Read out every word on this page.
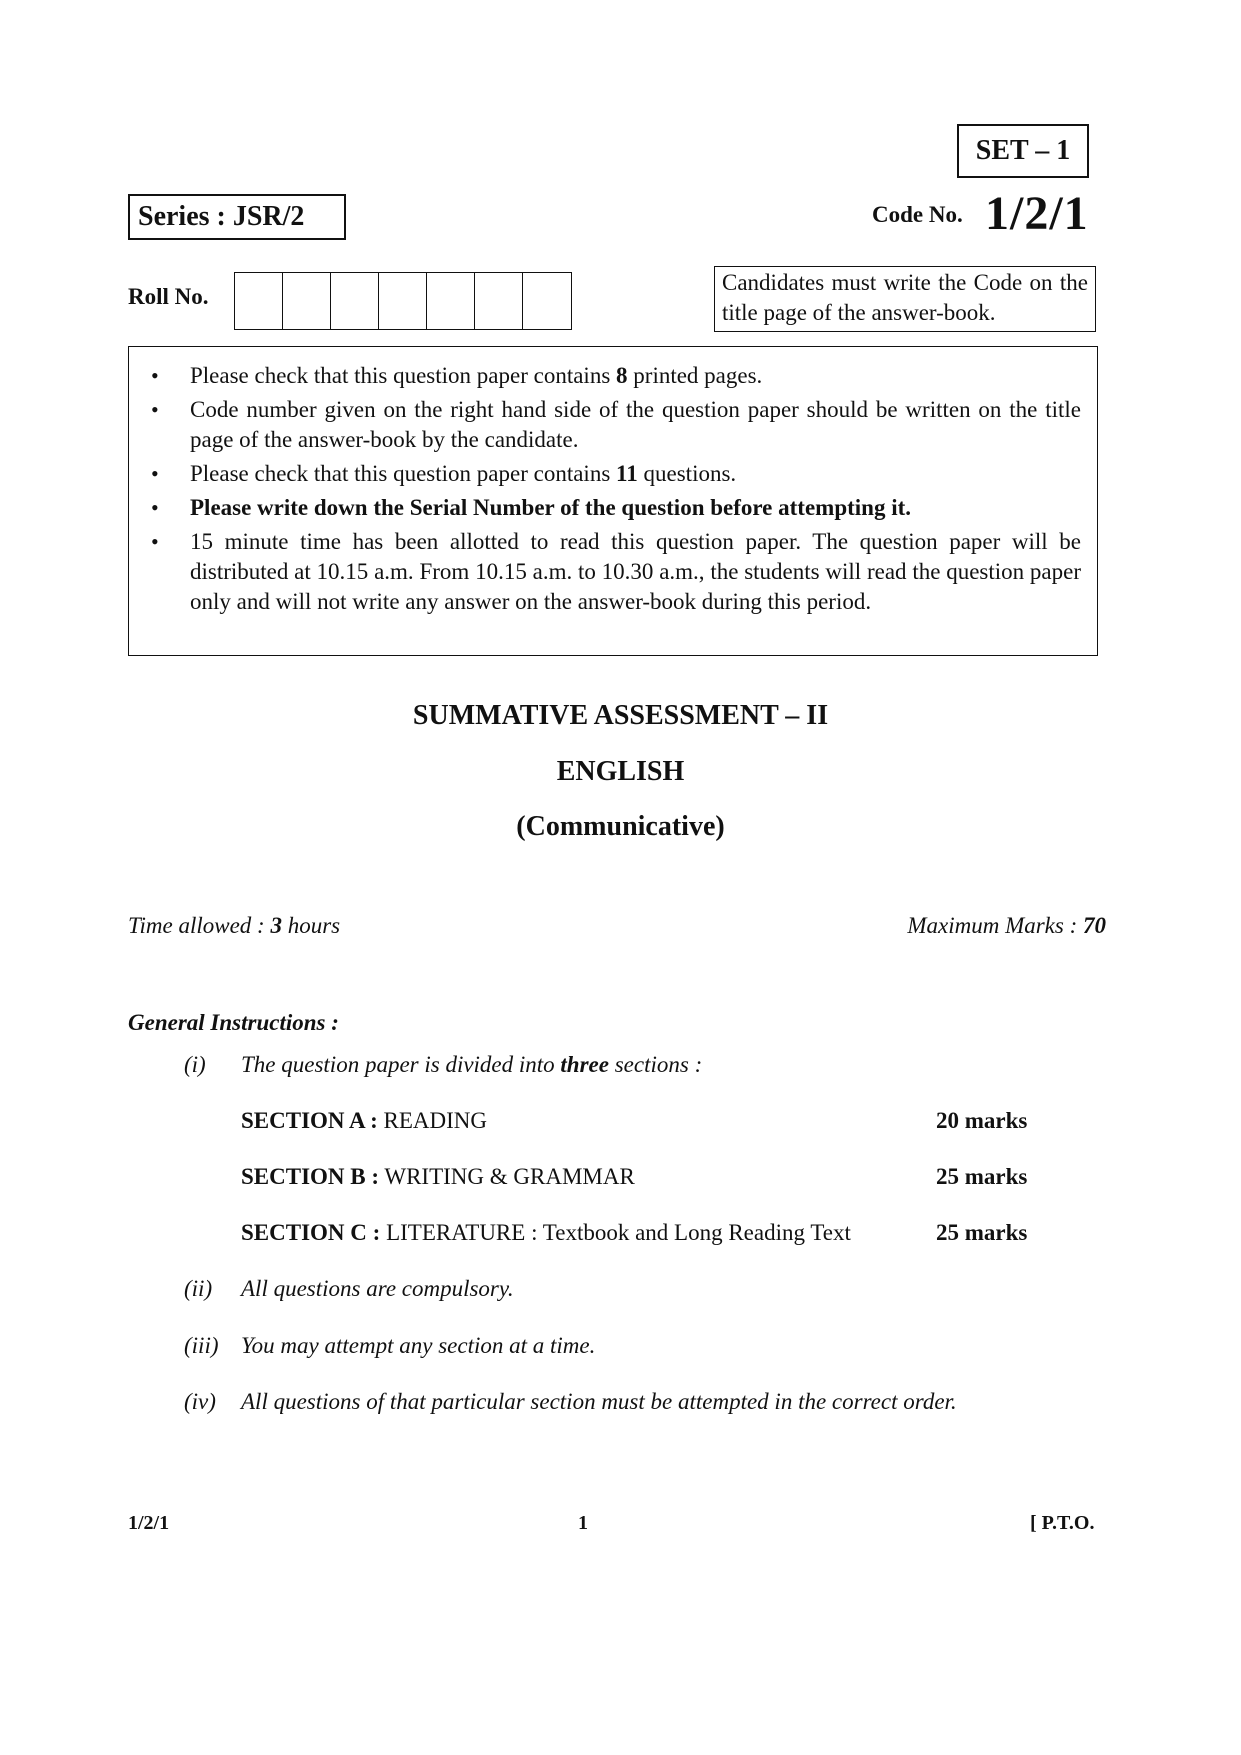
SET – 1
Series : JSR/2	Code No. 1/2/1
Roll No.
Candidates must write the Code on the title page of the answer-book.
• Please check that this question paper contains 8 printed pages.
• Code number given on the right hand side of the question paper should be written on the title page of the answer-book by the candidate.
• Please check that this question paper contains 11 questions.
• Please write down the Serial Number of the question before attempting it.
• 15 minute time has been allotted to read this question paper. The question paper will be distributed at 10.15 a.m. From 10.15 a.m. to 10.30 a.m., the students will read the question paper only and will not write any answer on the answer-book during this period.
SUMMATIVE ASSESSMENT – II
ENGLISH
(Communicative)
Time allowed : 3 hours	Maximum Marks : 70
General Instructions :
(i) The question paper is divided into three sections :
SECTION A : READING	20 marks
SECTION B : WRITING & GRAMMAR	25 marks
SECTION C : LITERATURE : Textbook and Long Reading Text	25 marks
(ii) All questions are compulsory.
(iii) You may attempt any section at a time.
(iv) All questions of that particular section must be attempted in the correct order.
1/2/1	1	[ P.T.O.
